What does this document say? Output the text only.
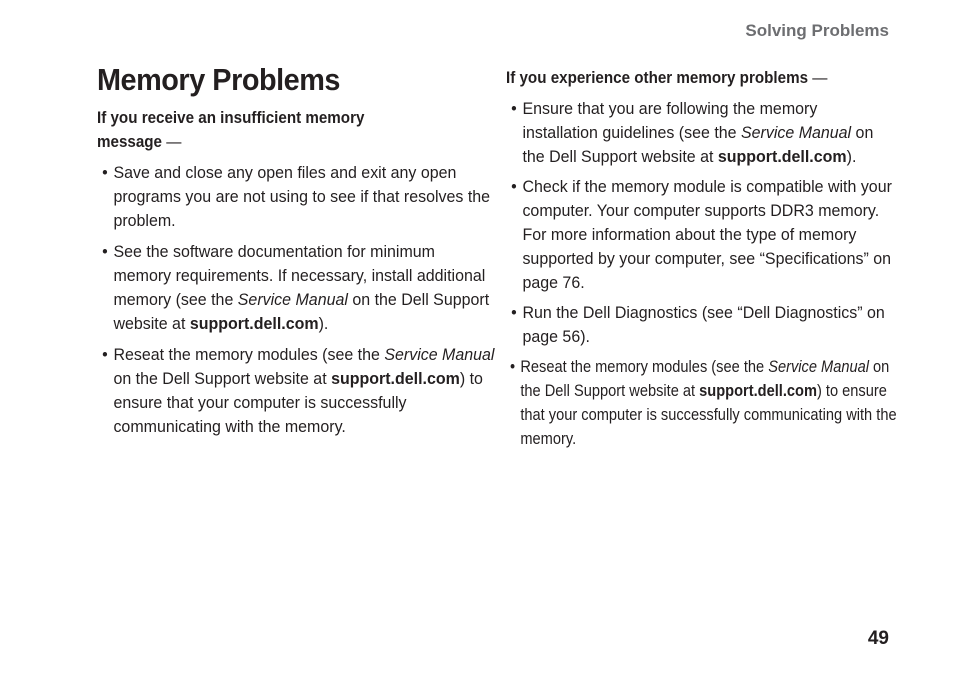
Solving Problems
Memory Problems
If you receive an insufficient memory message —
• Save and close any open files and exit any open programs you are not using to see if that resolves the problem.
• See the software documentation for minimum memory requirements. If necessary, install additional memory (see the Service Manual on the Dell Support website at support.dell.com).
• Reseat the memory modules (see the Service Manual on the Dell Support website at support.dell.com) to ensure that your computer is successfully communicating with the memory.
If you experience other memory problems —
• Ensure that you are following the memory installation guidelines (see the Service Manual on the Dell Support website at support.dell.com).
• Check if the memory module is compatible with your computer. Your computer supports DDR3 memory. For more information about the type of memory supported by your computer, see “Specifications” on page 76.
• Run the Dell Diagnostics (see “Dell Diagnostics” on page 56).
• Reseat the memory modules (see the Service Manual on the Dell Support website at support.dell.com) to ensure that your computer is successfully communicating with the memory.
49
